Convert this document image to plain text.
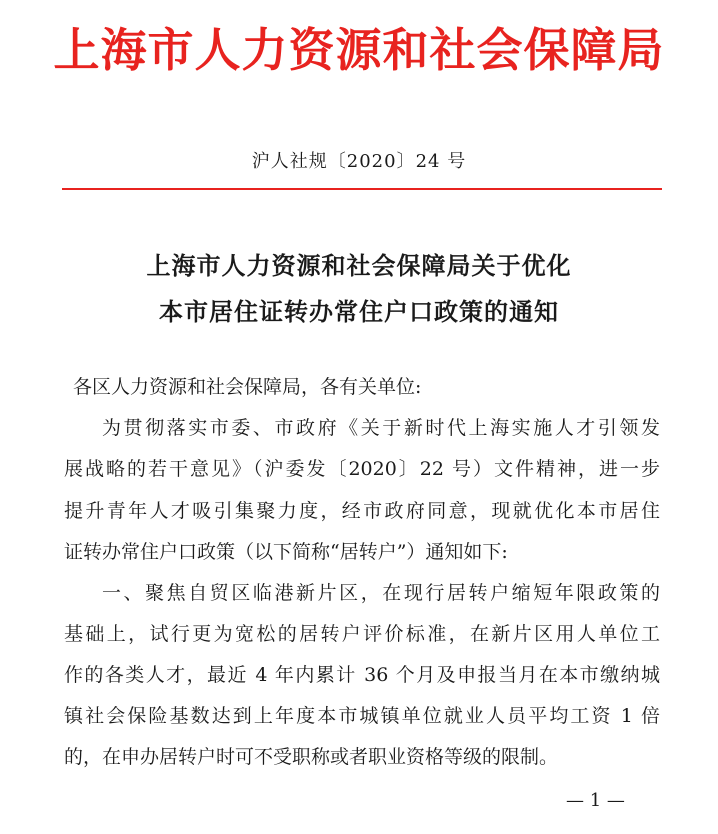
上海市人力资源和社会保障局
沪人社规〔2020〕24 号
上海市人力资源和社会保障局关于优化
本市居住证转办常住户口政策的通知
各区人力资源和社会保障局，各有关单位:
为贯彻落实市委、市政府《关于新时代上海实施人才引领发
展战略的若干意见》（沪委发〔2020〕22 号）文件精神，进一步
提升青年人才吸引集聚力度，经市政府同意，现就优化本市居住
证转办常住户口政策（以下简称“居转户”）通知如下:
一、聚焦自贸区临港新片区，在现行居转户缩短年限政策的
基础上，试行更为宽松的居转户评价标准，在新片区用人单位工
作的各类人才，最近 4 年内累计 36 个月及申报当月在本市缴纳城
镇社会保险基数达到上年度本市城镇单位就业人员平均工资 1 倍
的，在申办居转户时可不受职称或者职业资格等级的限制。
— 1 —
